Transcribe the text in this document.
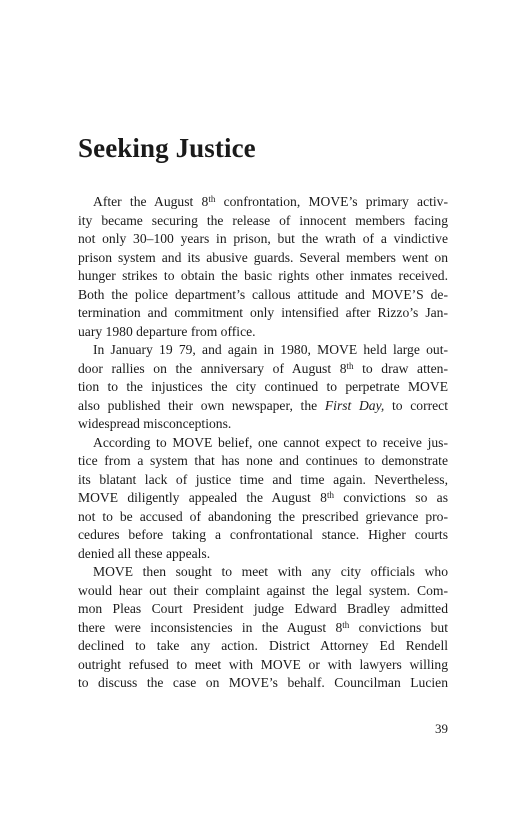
Seeking Justice
After the August 8th confrontation, MOVE’s primary activ-
ity became securing the release of innocent members facing
not only 30–100 years in prison, but the wrath of a vindictive
prison system and its abusive guards. Several members went on
hunger strikes to obtain the basic rights other inmates received.
Both the police department’s callous attitude and MOVE’S de-
termination and commitment only intensified after Rizzo’s Jan-
uary 1980 departure from office.
In January 19 79, and again in 1980, MOVE held large out-
door rallies on the anniversary of August 8th to draw atten-
tion to the injustices the city continued to perpetrate MOVE
also published their own newspaper, the First Day, to correct
widespread misconceptions.
According to MOVE belief, one cannot expect to receive jus-
tice from a system that has none and continues to demonstrate
its blatant lack of justice time and time again. Nevertheless,
MOVE diligently appealed the August 8th convictions so as
not to be accused of abandoning the prescribed grievance pro-
cedures before taking a confrontational stance. Higher courts
denied all these appeals.
MOVE then sought to meet with any city officials who
would hear out their complaint against the legal system. Com-
mon Pleas Court President judge Edward Bradley admitted
there were inconsistencies in the August 8th convictions but
declined to take any action. District Attorney Ed Rendell
outright refused to meet with MOVE or with lawyers willing
to discuss the case on MOVE’s behalf. Councilman Lucien
39
